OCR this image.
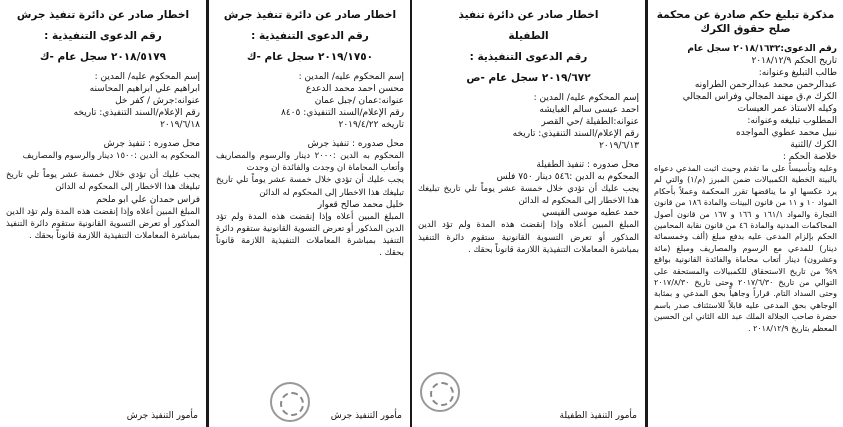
اخطار صادر عن دائرة تنفيذ جرش
رقم الدعوى التنفيذية :
٢٠١٨/٥١٧٩ سجل عام -ك
إسم المحكوم عليه/ المدين :
ابراهيم علي ابراهيم المحاسنه
عنوانه:جرش / كفر خل
رقم الإعلام/السند التنفيذي: تاريخه
٢٠١٩/٦/١٨
محل صدوره : تنفيذ جرش
المحكوم به الدين :١٥٠٠ دينار والرسوم والمصاريف
يجب عليك أن تؤدي خلال خمسة عشر يوماً تلي تاريخ تبليغك هذا الاخطار إلى المحكوم له الدائن
فراس حمدان علي ابو ملحم
المبلغ المبين أعلاه وإذا إنقضت هذه المدة ولم تؤد الدين المذكور أو تعرض التسوية القانونية ستقوم دائرة التنفيذ بمباشرة المعاملات التنفيذية اللازمة قانوناً بحقك .
مأمور التنفيذ جرش
اخطار صادر عن دائرة تنفيذ جرش
رقم الدعوى التنفيذية :
٢٠١٩/١٧٥٠ سجل عام -ك
إسم المحكوم عليه/ المدين :
محسن احمد محمد الدعدع
عنوانه:عمان /جبل عمان
رقم الإعلام/السند التنفيذي: ٨٤٠٥
تاريخه ٢٠١٩/٤/٢٢
محل صدوره : تنفيذ جرش
المحكوم به الدين :٢٠٠٠ دينار والرسوم والمصاريف وأتعاب المحاماة ان وجدت والفائدة ان وجدت
يجب عليك أن تؤدي خلال خمسة عشر يوماً تلي تاريخ تبليغك هذا الاخطار إلى المحكوم له الدائن
خليل محمد صالح قعوار
المبلغ المبين أعلاه وإذا إنقضت هذه المدة ولم تؤد الدين المذكور أو تعرض التسوية القانونية ستقوم دائرة التنفيذ بمباشرة المعاملات التنفيذية اللازمة قانوناً بحقك .
مأمور التنفيذ جرش
اخطار صادر عن دائرة تنفيذ
الطفيلة
رقم الدعوى التنفيذية :
٢٠١٩/٦٧٢ سجل عام -ص
إسم المحكوم عليه/ المدين :
احمد عيسى سالم الغبايشه
عنوانه:الطفيلة /حي القصر
رقم الإعلام/السند التنفيذي: تاريخه
٢٠١٩/٦/١٣
محل صدوره : تنفيذ الطفيلة
المحكوم به الدين :٥٤٦ دينار ٧٥٠ فلس
يجب عليك أن تؤدي خلال خمسة عشر يوماً تلي تاريخ تبليغك هذا الاخطار إلى المحكوم له الدائن
حمد عطيه موسى القيسي
المبلغ المبين أعلاه وإذا إنقضت هذه المدة ولم تؤد الدين المذكور أو تعرض التسوية القانونية ستقوم دائرة التنفيذ بمباشرة المعاملات التنفيذية اللازمة قانوناً بحقك .
مأمور التنفيذ الطفيلة
مذكرة تبليغ حكم صادرة عن محكمة
صلح حقوق الكرك
رقم الدعوى:٢٠١٨/١٦٣٢ سجل عام
تاريخ الحكم ٢٠١٨/١٢/٩
طالب التبليغ وعنوانه:
عبدالرحمن محمد عبدالرحمن الطراونه
الكرك م.ق مهند المجالي وفراس المجالي
وكيله الاستاذ عمر العيسات
المطلوب تبليغه وعنوانه:
نبيل محمد عطوي المواجده
الكرك /الثنية
خلاصة الحكم :
وعليه وتأسيساً على ما تقدم وحيث اثبت المدعي دعواه بالبينة الخطية الكمبيالات ضمن المبرز (م/١) والتي لم يرد عكسها او ما يناقضها تقرر المحكمة وعملاً بأحكام المواد ١٠ و ١١ من قانون البينات والمادة ١٨٦ من قانون التجارة والمواد ١٦١/١ و ١٦٦ و ١٦٧ من قانون أصول المحاكمات المدنية والمادة ٤٦ من قانون نقابة المحامين الحكم بإلزام المدعى عليه بدفع مبلغ (ألف وخمسمائة دينار) للمدعي مع الرسوم والمصاريف ومبلغ (مائة وعشرون) دينار أتعاب محاماة والفائدة القانونية بواقع ٩% من تاريخ الاستحقاق للكمبيالات والمستحقة على التوالي من تاريخ ٢٠١٧/٦/٣٠ وحتى تاريخ ٢٠١٧/٨/٣٠ وحتى السداد التام. قراراً وجاهياً بحق المدعي و بمثابة الوجاهي بحق المدعى عليه قابلاً للاستئناف صدر باسم حضرة صاحب الجلالة الملك عبد الله الثاني ابن الحسين المعظم بتاريخ ٢٠١٨/١٢/٩ .
